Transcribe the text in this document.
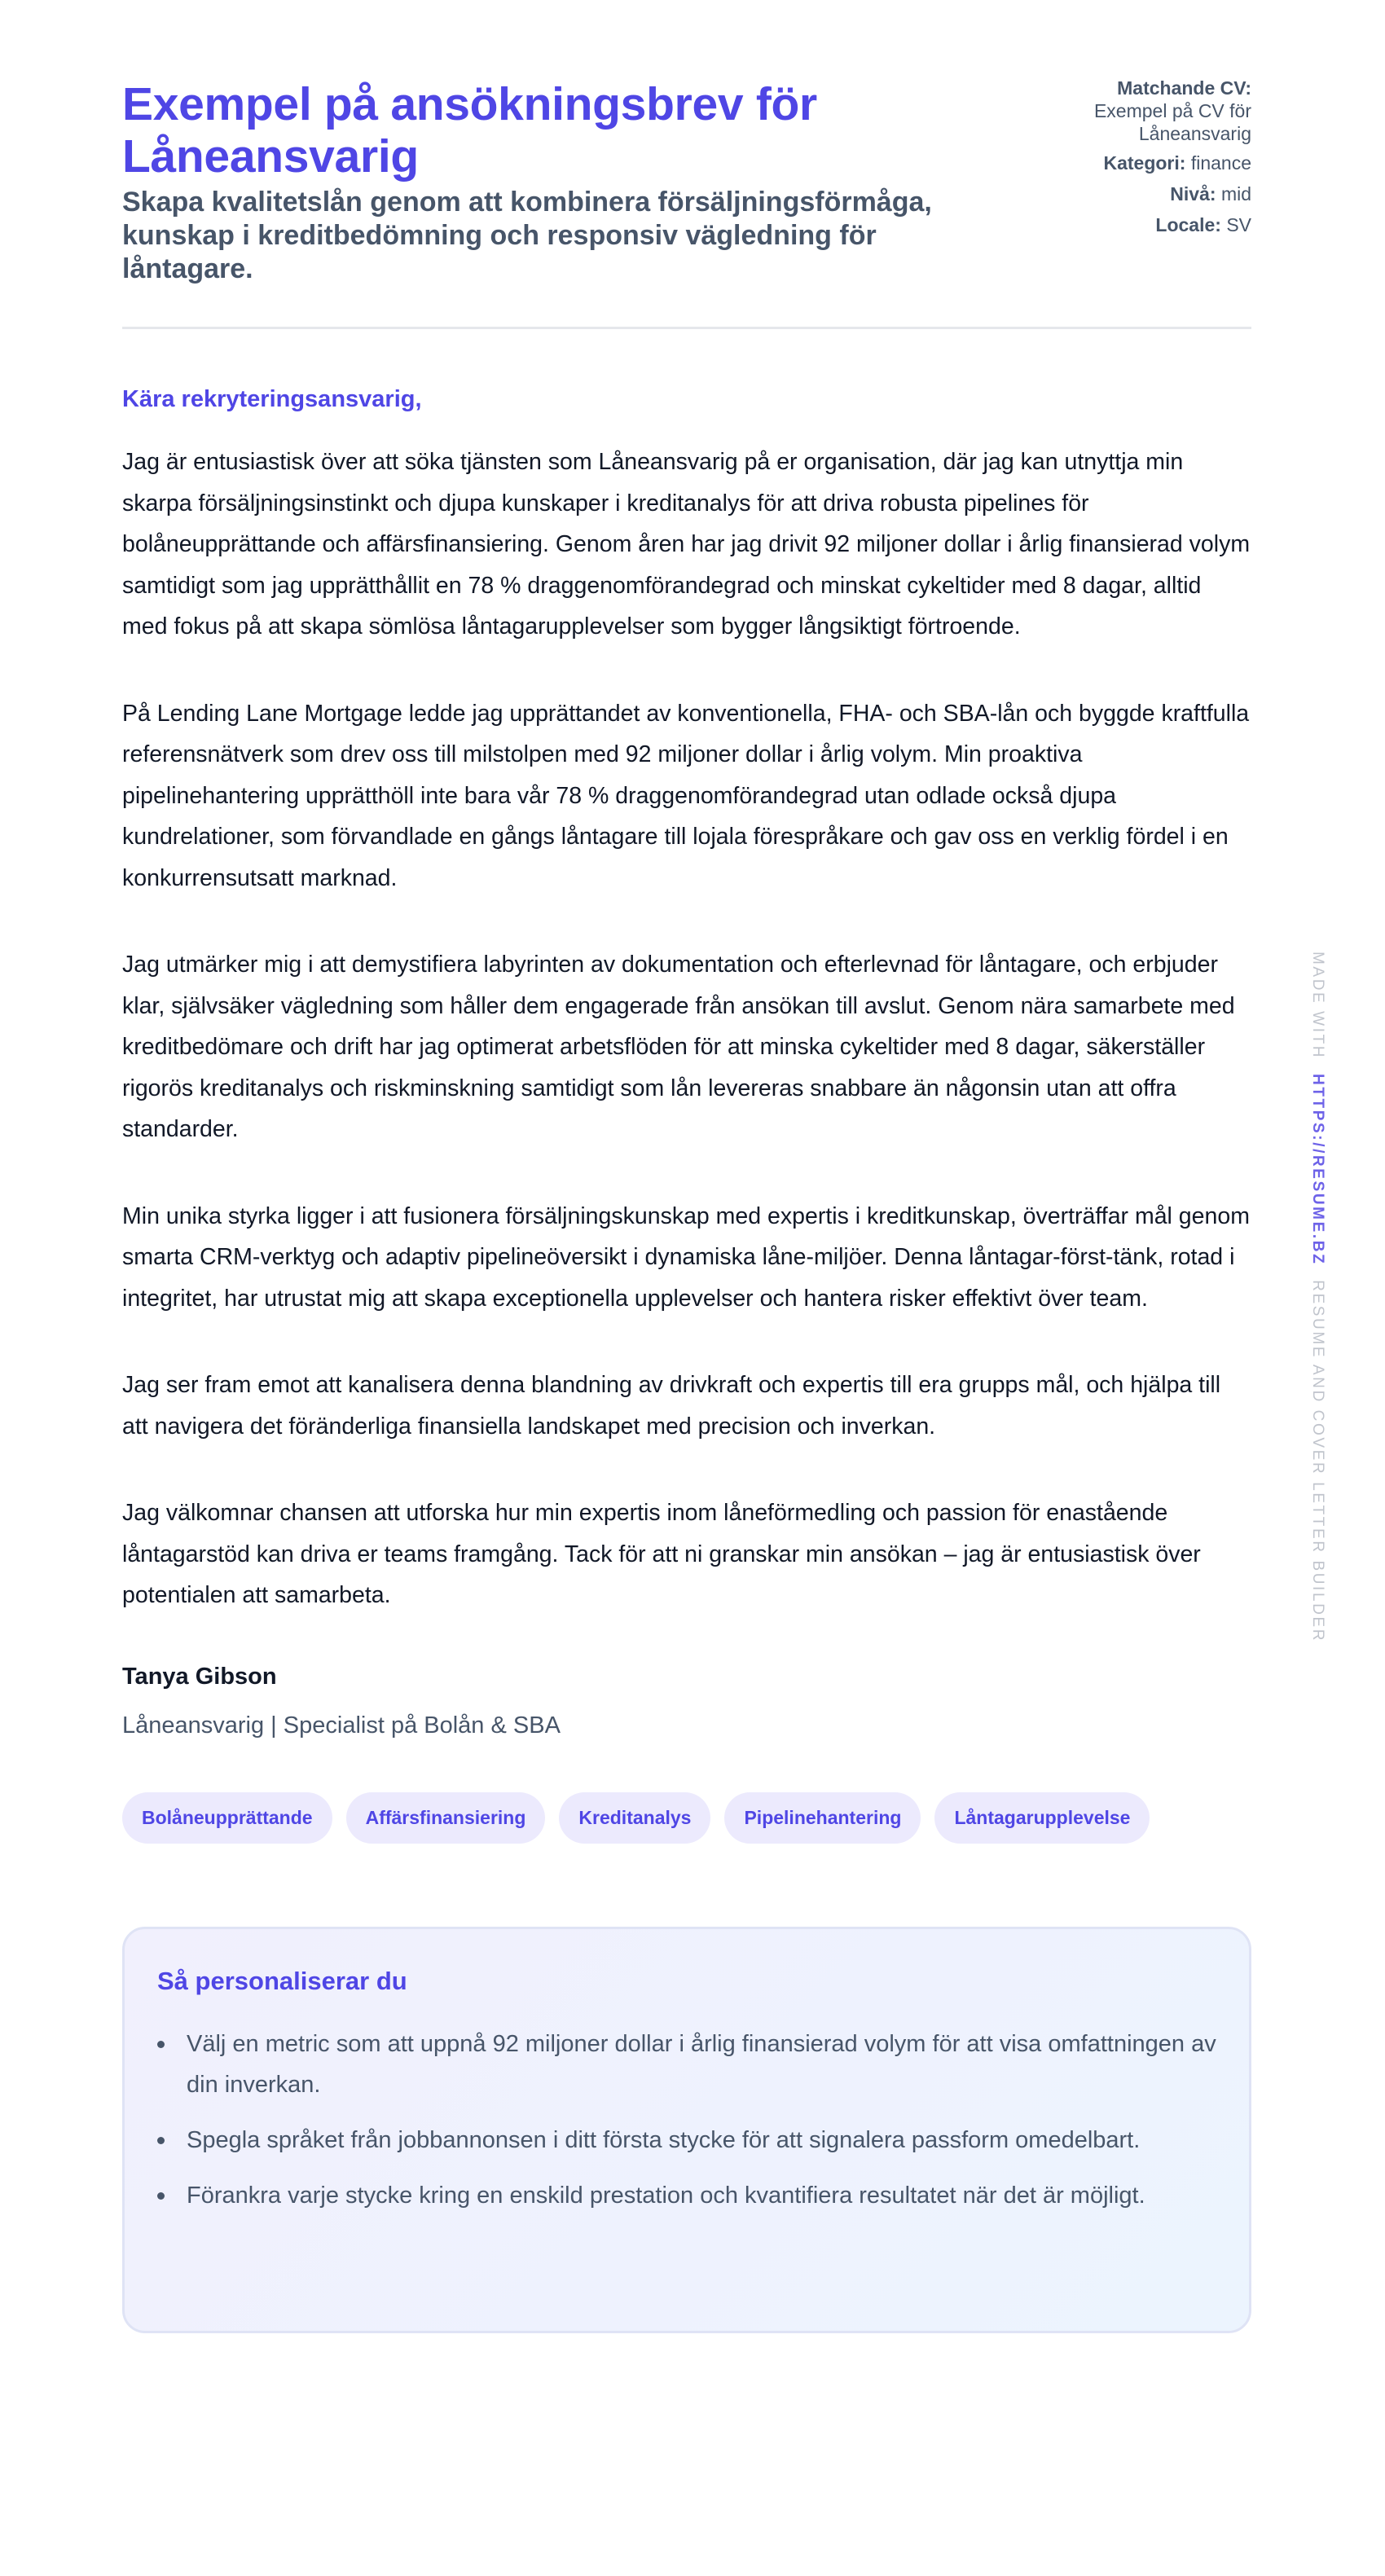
Exempel på ansökningsbrev för Låneansvarig
Skapa kvalitetslån genom att kombinera försäljningsförmåga, kunskap i kreditbedömning och responsiv vägledning för låntagare.
Matchande CV:
Exempel på CV för Låneansvarig
Kategori: finance
Nivå: mid
Locale: SV
Kära rekryteringsansvarig,

Jag är entusiastisk över att söka tjänsten som Låneansvarig på er organisation, där jag kan utnyttja min skarpa försäljningsinstinkt och djupa kunskaper i kreditanalys för att driva robusta pipelines för bolåneupprättande och affärsfinansiering. Genom åren har jag drivit 92 miljoner dollar i årlig finansierad volym samtidigt som jag upprätthållit en 78 % draggenomförandegrad och minskat cykeltider med 8 dagar, alltid med fokus på att skapa sömlösa låntagarupplevelser som bygger långsiktigt förtroende.

På Lending Lane Mortgage ledde jag upprättandet av konventionella, FHA- och SBA-lån och byggde kraftfulla referensnätverk som drev oss till milstolpen med 92 miljoner dollar i årlig volym. Min proaktiva pipelinehantering upprätthöll inte bara vår 78 % draggenomförandegrad utan odlade också djupa kundrelationer, som förvandlade en gångs låntagare till lojala förespråkare och gav oss en verklig fördel i en konkurrensutsatt marknad.

Jag utmärker mig i att demystifiera labyrinten av dokumentation och efterlevnad för låntagare, och erbjuder klar, självsäker vägledning som håller dem engagerade från ansökan till avslut. Genom nära samarbete med kreditbedömare och drift har jag optimerat arbetsflöden för att minska cykeltider med 8 dagar, säkerställer rigorös kreditanalys och riskminskning samtidigt som lån levereras snabbare än någonsin utan att offra standarder.

Min unika styrka ligger i att fusionera försäljningskunskap med expertis i kreditkunskap, överträffar mål genom smarta CRM-verktyg och adaptiv pipelineöversikt i dynamiska låne-miljöer. Denna låntagar-först-tänk, rotad i integritet, har utrustat mig att skapa exceptionella upplevelser och hantera risker effektivt över team.

Jag ser fram emot att kanalisera denna blandning av drivkraft och expertis till era grupps mål, och hjälpa till att navigera det föränderliga finansiella landskapet med precision och inverkan.

Jag välkomnar chansen att utforska hur min expertis inom låneförmedling och passion för enastående låntagarstöd kan driva er teams framgång. Tack för att ni granskar min ansökan – jag är entusiastisk över potentialen att samarbeta.

Tanya Gibson
Låneansvarig | Specialist på Bolån & SBA
Bolåneupprättande	Affärsfinansiering	Kreditanalys	Pipelinehantering	Låntagarupplevelse
Så personaliserar du
Välj en metric som att uppnå 92 miljoner dollar i årlig finansierad volym för att visa omfattningen av din inverkan.
Spegla språket från jobbannonsen i ditt första stycke för att signalera passform omedelbart.
Förankra varje stycke kring en enskild prestation och kvantifiera resultatet när det är möjligt.
MADE WITH HTTPS://RESUME.BZ RESUME AND COVER LETTER BUILDER
